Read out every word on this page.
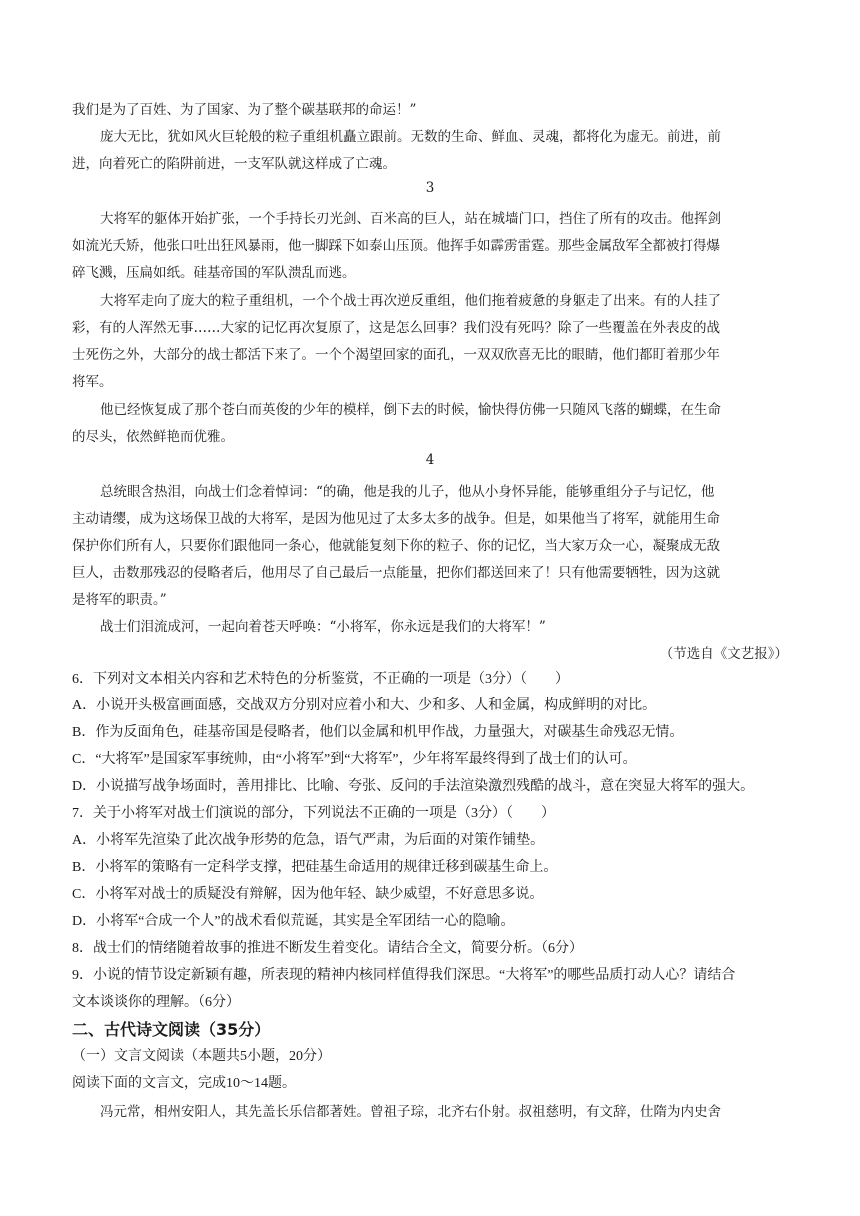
我们是为了百姓、为了国家、为了整个碳基联邦的命运！”
庞大无比，犹如风火巨轮般的粒子重组机矗立跟前。无数的生命、鲜血、灵魂，都将化为虚无。前进，前
进，向着死亡的陷阱前进，一支军队就这样成了亡魂。
3
大将军的躯体开始扩张，一个手持长刃光剑、百米高的巨人，站在城墙门口，挡住了所有的攻击。他挥剑
如流光夭矫，他张口吐出狂风暴雨，他一脚踩下如泰山压顶。他挥手如霹雳雷霆。那些金属敌军全都被打得爆
碎飞溅，压扁如纸。硅基帝国的军队溃乱而逃。
大将军走向了庞大的粒子重组机，一个个战士再次逆反重组，他们拖着疲惫的身躯走了出来。有的人挂了
彩，有的人浑然无事……大家的记忆再次复原了，这是怎么回事？我们没有死吗？除了一些覆盖在外表皮的战
士死伤之外，大部分的战士都活下来了。一个个渴望回家的面孔，一双双欣喜无比的眼睛，他们都盯着那少年
将军。
他已经恢复成了那个苍白而英俊的少年的模样，倒下去的时候，愉快得仿佛一只随风飞落的蝴蝶，在生命
的尽头，依然鲜艳而优雅。
4
总统眼含热泪，向战士们念着悼词：“的确，他是我的儿子，他从小身怀异能，能够重组分子与记忆，他
主动请缨，成为这场保卫战的大将军，是因为他见过了太多太多的战争。但是，如果他当了将军，就能用生命
保护你们所有人，只要你们跟他同一条心，他就能复刻下你的粒子、你的记忆，当大家万众一心，凝聚成无敌
巨人，击数那残忍的侵略者后，他用尽了自己最后一点能量，把你们都送回来了！只有他需要牺牲，因为这就
是将军的职责。”
战士们泪流成河，一起向着苍天呼唤：“小将军，你永远是我们的大将军！”
（节选自《文艺报》）
6．下列对文本相关内容和艺术特色的分析鉴赏，不正确的一项是（3分）（　　）
A．小说开头极富画面感，交战双方分别对应着小和大、少和多、人和金属，构成鲜明的对比。
B．作为反面角色，硅基帝国是侵略者，他们以金属和机甲作战，力量强大，对碳基生命残忍无情。
C．“大将军”是国家军事统帅，由“小将军”到“大将军”，少年将军最终得到了战士们的认可。
D．小说描写战争场面时，善用排比、比喻、夸张、反问的手法渲染激烈残酷的战斗，意在突显大将军的强大。
7．关于小将军对战士们演说的部分，下列说法不正确的一项是（3分）（　　）
A．小将军先渲染了此次战争形势的危急，语气严肃，为后面的对策作铺垫。
B．小将军的策略有一定科学支撑，把硅基生命适用的规律迁移到碳基生命上。
C．小将军对战士的质疑没有辩解，因为他年轻、缺少威望，不好意思多说。
D．小将军“合成一个人”的战术看似荒诞，其实是全军团结一心的隐喻。
8．战士们的情绪随着故事的推进不断发生着变化。请结合全文，简要分析。（6分）
9．小说的情节设定新颖有趣，所表现的精神内核同样值得我们深思。“大将军”的哪些品质打动人心？请结合
文本谈谈你的理解。（6分）
二、古代诗文阅读（35分）
（一）文言文阅读（本题共5小题，20分）
阅读下面的文言文，完成10～14题。
冯元常，相州安阳人，其先盖长乐信都著姓。曾祖子琮，北齐右仆射。叔祖慈明，有文辞，仕隋为内史舍
